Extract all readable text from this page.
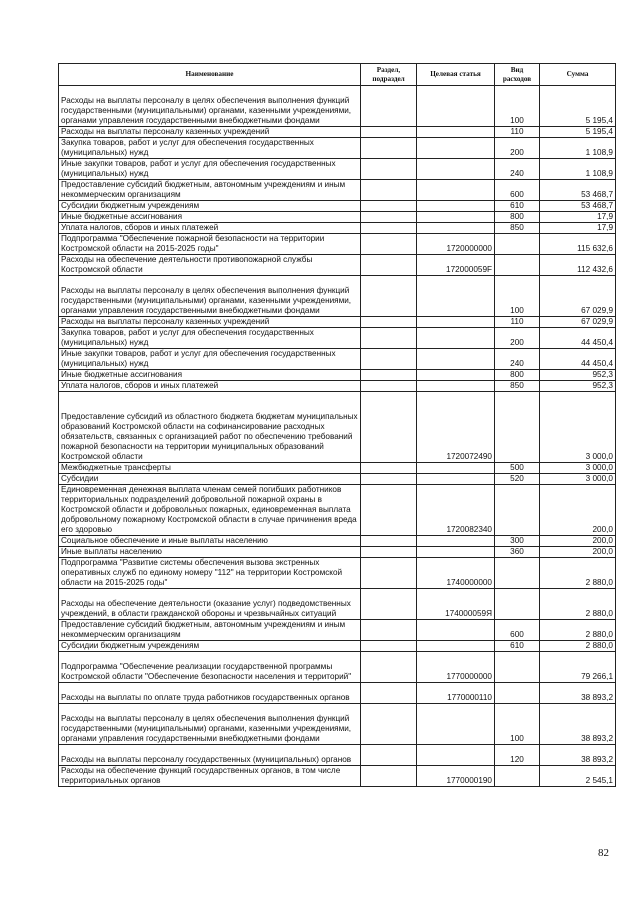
Наименование	Раздел, подраздел	Целевая статья	Вид расходов	Сумма
Расходы на выплаты персоналу в целях обеспечения выполнения функций государственными (муниципальными) органами, казенными учреждениями, органами управления государственными внебюджетными фондами			100	5 195,4
Расходы на выплаты персоналу казенных учреждений			110	5 195,4
Закупка товаров, работ и услуг для обеспечения государственных (муниципальных) нужд			200	1 108,9
Иные закупки товаров, работ и услуг для обеспечения государственных (муниципальных) нужд			240	1 108,9
Предоставление субсидий бюджетным, автономным учреждениям и иным некоммерческим организациям			600	53 468,7
Субсидии бюджетным учреждениям			610	53 468,7
Иные бюджетные ассигнования			800	17,9
Уплата налогов, сборов и иных платежей			850	17,9
Подпрограмма "Обеспечение пожарной безопасности на территории Костромской области на 2015-2025 годы"		1720000000		115 632,6
Расходы на обеспечение деятельности противопожарной службы Костромской области		172000059F		112 432,6
Расходы на выплаты персоналу в целях обеспечения выполнения функций государственными (муниципальными) органами, казенными учреждениями, органами управления государственными внебюджетными фондами			100	67 029,9
Расходы на выплаты персоналу казенных учреждений			110	67 029,9
Закупка товаров, работ и услуг для обеспечения государственных (муниципальных) нужд			200	44 450,4
Иные закупки товаров, работ и услуг для обеспечения государственных (муниципальных) нужд			240	44 450,4
Иные бюджетные ассигнования			800	952,3
Уплата налогов, сборов и иных платежей			850	952,3
Предоставление субсидий из областного бюджета бюджетам муниципальных образований Костромской области на софинансирование расходных обязательств, связанных с организацией работ по обеспечению требований пожарной безопасности на территории муниципальных образований Костромской области		1720072490		3 000,0
Межбюджетные трансферты			500	3 000,0
Субсидии			520	3 000,0
Единовременная денежная выплата членам семей погибших работников территориальных подразделений добровольной пожарной охраны в Костромской области и добровольных пожарных, единовременная выплата добровольному пожарному Костромской области в случае причинения вреда его здоровью		1720082340		200,0
Социальное обеспечение и иные выплаты населению			300	200,0
Иные выплаты населению			360	200,0
Подпрограмма "Развитие системы обеспечения вызова экстренных оперативных служб по единому номеру "112" на территории Костромской области на 2015-2025 годы"		1740000000		2 880,0
Расходы на обеспечение деятельности (оказание услуг) подведомственных учреждений, в области гражданской обороны и чрезвычайных ситуаций		174000059Я		2 880,0
Предоставление субсидий бюджетным, автономным учреждениям и иным некоммерческим организациям			600	2 880,0
Субсидии бюджетным учреждениям			610	2 880,0
Подпрограмма "Обеспечение реализации государственной программы Костромской области "Обеспечение безопасности населения и территорий"		1770000000		79 266,1
Расходы на выплаты по оплате труда работников государственных органов		1770000110		38 893,2
Расходы на выплаты персоналу в целях обеспечения выполнения функций государственными (муниципальными) органами, казенными учреждениями, органами управления государственными внебюджетными фондами			100	38 893,2
Расходы на выплаты персоналу государственных (муниципальных) органов			120	38 893,2
Расходы на обеспечение функций государственных органов, в том числе территориальных органов		1770000190		2 545,1
82
